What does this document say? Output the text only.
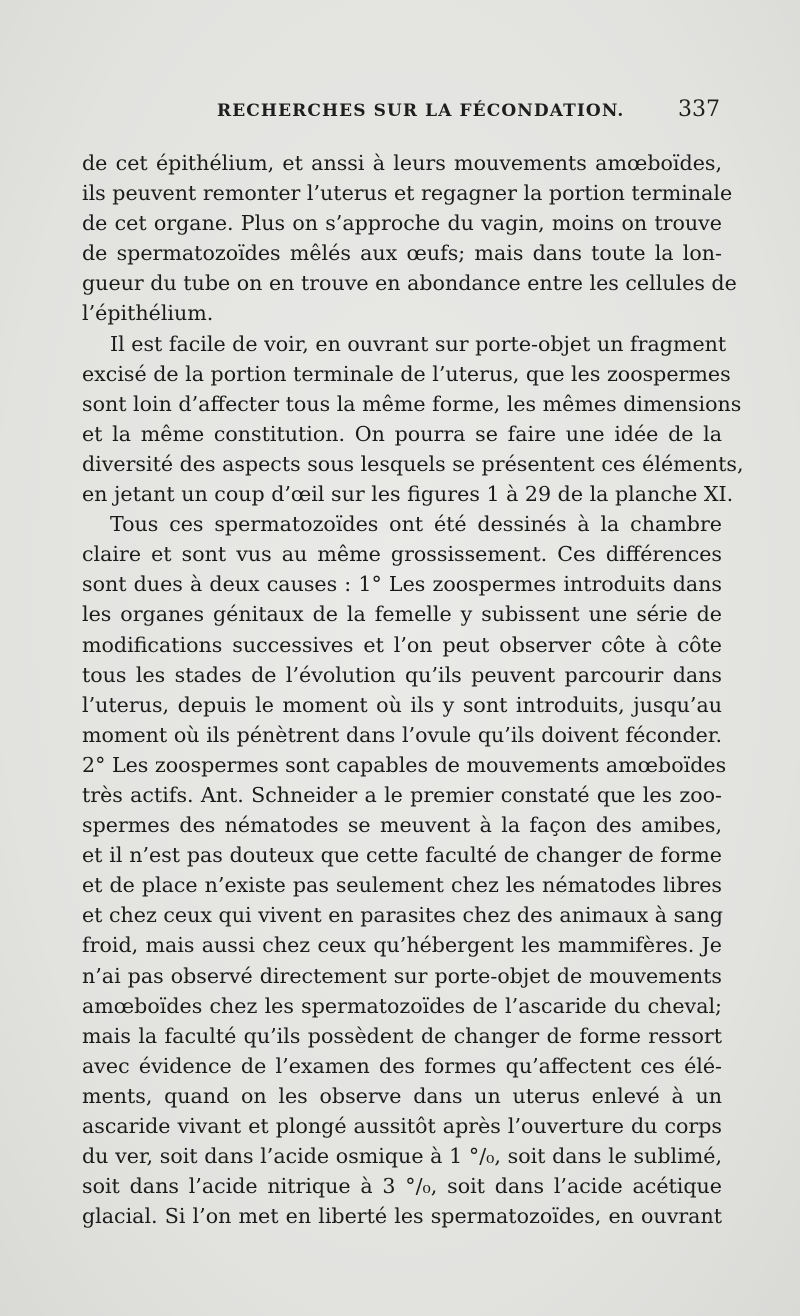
RECHERCHES SUR LA FÉCONDATION. 337
de cet épithélium, et anssi à leurs mouvements amœboïdes,
ils peuvent remonter l’uterus et regagner la portion terminale
de cet organe. Plus on s’approche du vagin, moins on trouve
de spermatozoïdes mêlés aux œufs; mais dans toute la lon-
gueur du tube on en trouve en abondance entre les cellules de
l’épithélium.
Il est facile de voir, en ouvrant sur porte-objet un fragment
excisé de la portion terminale de l’uterus, que les zoospermes
sont loin d’affecter tous la même forme, les mêmes dimensions
et la même constitution. On pourra se faire une idée de la
diversité des aspects sous lesquels se présentent ces éléments,
en jetant un coup d’œil sur les figures 1 à 29 de la planche XI.
Tous ces spermatozoïdes ont été dessinés à la chambre
claire et sont vus au même grossissement. Ces différences
sont dues à deux causes : 1° Les zoospermes introduits dans
les organes génitaux de la femelle y subissent une série de
modifications successives et l’on peut observer côte à côte
tous les stades de l’évolution qu’ils peuvent parcourir dans
l’uterus, depuis le moment où ils y sont introduits, jusqu’au
moment où ils pénètrent dans l’ovule qu’ils doivent féconder.
2° Les zoospermes sont capables de mouvements amœboïdes
très actifs. Ant. Schneider a le premier constaté que les zoo-
spermes des nématodes se meuvent à la façon des amibes,
et il n’est pas douteux que cette faculté de changer de forme
et de place n’existe pas seulement chez les nématodes libres
et chez ceux qui vivent en parasites chez des animaux à sang
froid, mais aussi chez ceux qu’hébergent les mammifères. Je
n’ai pas observé directement sur porte-objet de mouvements
amœboïdes chez les spermatozoïdes de l’ascaride du cheval;
mais la faculté qu’ils possèdent de changer de forme ressort
avec évidence de l’examen des formes qu’affectent ces élé-
ments, quand on les observe dans un uterus enlevé à un
ascaride vivant et plongé aussitôt après l’ouverture du corps
du ver, soit dans l’acide osmique à 1 °/₀, soit dans le sublimé,
soit dans l’acide nitrique à 3 °/₀, soit dans l’acide acétique
glacial. Si l’on met en liberté les spermatozoïdes, en ouvrant
